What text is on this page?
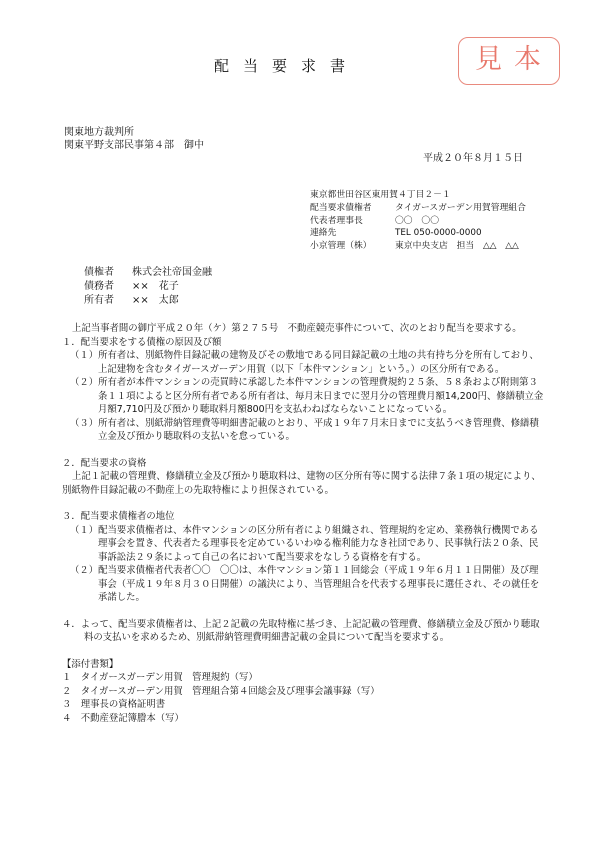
配当要求書	見本
関東地方裁判所
関東平野支部民事第４部　御中
平成２０年８月１５日
東京都世田谷区東用賀４丁目２－１
配当要求債権者	タイガースガーデン用賀管理組合
代表者理事長	〇〇　〇〇
連絡先	TEL 050-0000-0000
小京管理（株）	東京中央支店　担当　△△　△△
債権者	株式会社帝国金融
債務者	××　花子
所有者	××　太郎

上記当事者間の御庁平成２０年（ケ）第２７５号　不動産競売事件について、次のとおり配当を要求する。

１．配当要求をする債権の原因及び額

（１）所有者は、別紙物件目録記載の建物及びその敷地である同目録記載の土地の共有持ち分を所有しており、上記建物を含むタイガースガーデン用賀（以下「本件マンション」という。）の区分所有である。

（２）所有者が本件マンションの売買時に承認した本件マンションの管理費規約２５条、５８条および附則第３条１１項によると区分所有者である所有者は、毎月末日までに翌月分の管理費月額14,200円、修繕積立金月額7,710円及び預かり聴取料月額800円を支払わねばならないことになっている。

（３）所有者は、別紙滞納管理費等明細書記載のとおり、平成１９年７月末日までに支払うべき管理費、修繕積立金及び預かり聴取料の支払いを怠っている。

２．配当要求の資格

上記１記載の管理費、修繕積立金及び預かり聴取料は、建物の区分所有等に関する法律７条１項の規定により、別紙物件目録記載の不動産上の先取特権により担保されている。

３．配当要求債権者の地位

（１）配当要求債権者は、本件マンションの区分所有者により組織され、管理規約を定め、業務執行機関である理事会を置き、代表者たる理事長を定めているいわゆる権利能力なき社団であり、民事執行法２０条、民事訴訟法２９条によって自己の名において配当要求をなしうる資格を有する。

（２）配当要求債権者代表者〇〇　〇〇は、本件マンション第１１回総会（平成１９年６月１１日開催）及び理事会（平成１９年８月３０日開催）の議決により、当管理組合を代表する理事長に選任され、その就任を承諾した。

４．よって、配当要求債権者は、上記２記載の先取特権に基づき、上記記載の管理費、修繕積立金及び預かり聴取料の支払いを求めるため、別紙滞納管理費明細書記載の金員について配当を要求する。

【添付書類】

１　タイガースガーデン用賀　管理規約（写）

２　タイガースガーデン用賀　管理組合第４回総会及び理事会議事録（写）

３　理事長の資格証明書

４　不動産登記簿謄本（写）
